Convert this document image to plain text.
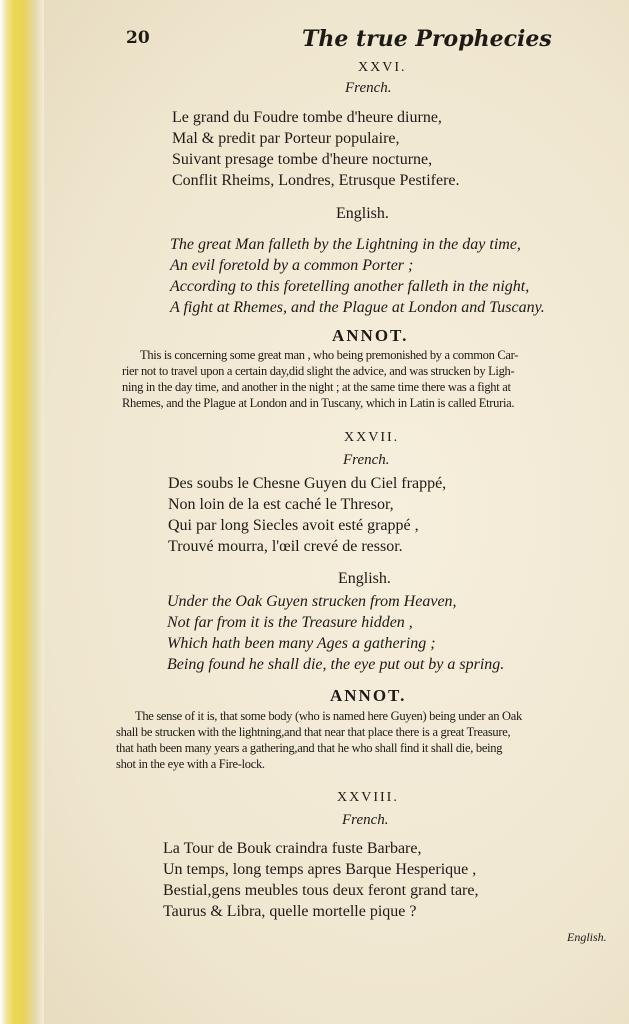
20	The true Prophecies
XXVI.
French.
Le grand du Foudre tombe d'heure diurne,
Mal & predit par Porteur populaire,
Suivant presage tombe d'heure nocturne,
Conflit Rheims, Londres, Etrusque Pestifere.
English.
The great Man falleth by the Lightning in the day time,
An evil foretold by a common Porter ;
According to this foretelling another falleth in the night,
A fight at Rhemes, and the Plague at London and Tuscany.
ANNOT.
This is concerning some great man , who being premonished by a common Car-
rier not to travel upon a certain day,did slight the advice, and was strucken by Ligh-
ning in the day time, and another in the night ; at the same time there was a fight at
Rhemes, and the Plague at London and in Tuscany, which in Latin is called Etruria.
XXVII.
French.
Des soubs le Chesne Guyen du Ciel frappé,
Non loin de la est caché le Thresor,
Qui par long Siecles avoit esté grappé ,
Trouvé mourra, l'œil crevé de ressor.
English.
Under the Oak Guyen strucken from Heaven,
Not far from it is the Treasure hidden ,
Which hath been many Ages a gathering ;
Being found he shall die, the eye put out by a spring.
ANNOT.
The sense of it is, that some body (who is named here Guyen) being under an Oak
shall be strucken with the lightning,and that near that place there is a great Treasure,
that hath been many years a gathering,and that he who shall find it shall die, being
shot in the eye with a Fire-lock.
XXVIII.
French.
La Tour de Bouk craindra fuste Barbare,
Un temps, long temps apres Barque Hesperique ,
Bestial,gens meubles tous deux feront grand tare,
Taurus & Libra, quelle mortelle pique ?
English.
